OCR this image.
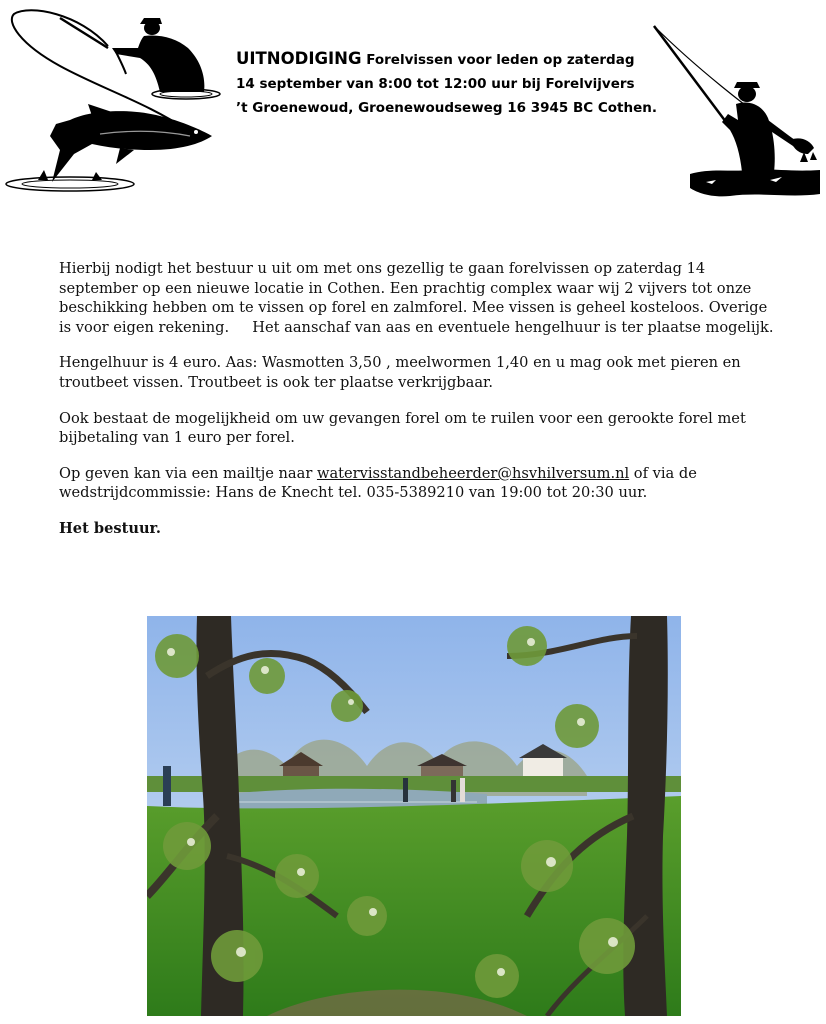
UITNODIGING Forelvissen voor leden op zaterdag
14 september van 8:00 tot 12:00 uur bij Forelvijvers
’t Groenewoud, Groenewoudseweg 16 3945 BC Cothen.

Hierbij nodigt het bestuur u uit om met ons gezellig te gaan forelvissen op zaterdag 14
september op een nieuwe locatie in Cothen. Een prachtig complex waar wij 2 vijvers tot onze
beschikking hebben om te vissen op forel en zalmforel. Mee vissen is geheel kosteloos. Overige
is voor eigen rekening.     Het aanschaf van aas en eventuele hengelhuur is ter plaatse mogelijk.

Hengelhuur is 4 euro. Aas: Wasmotten 3,50 , meelwormen 1,40 en u mag ook met pieren en
troutbeet vissen. Troutbeet is ook ter plaatse verkrijgbaar.

Ook bestaat de mogelijkheid om uw gevangen forel om te ruilen voor een gerookte forel met
bijbetaling van 1 euro per forel.

Op geven kan via een mailtje naar watervisstandbeheerder@hsvhilversum.nl of via de
wedstrijdcommissie: Hans de Knecht tel. 035-5389210 van 19:00 tot 20:30 uur.

Het bestuur.
